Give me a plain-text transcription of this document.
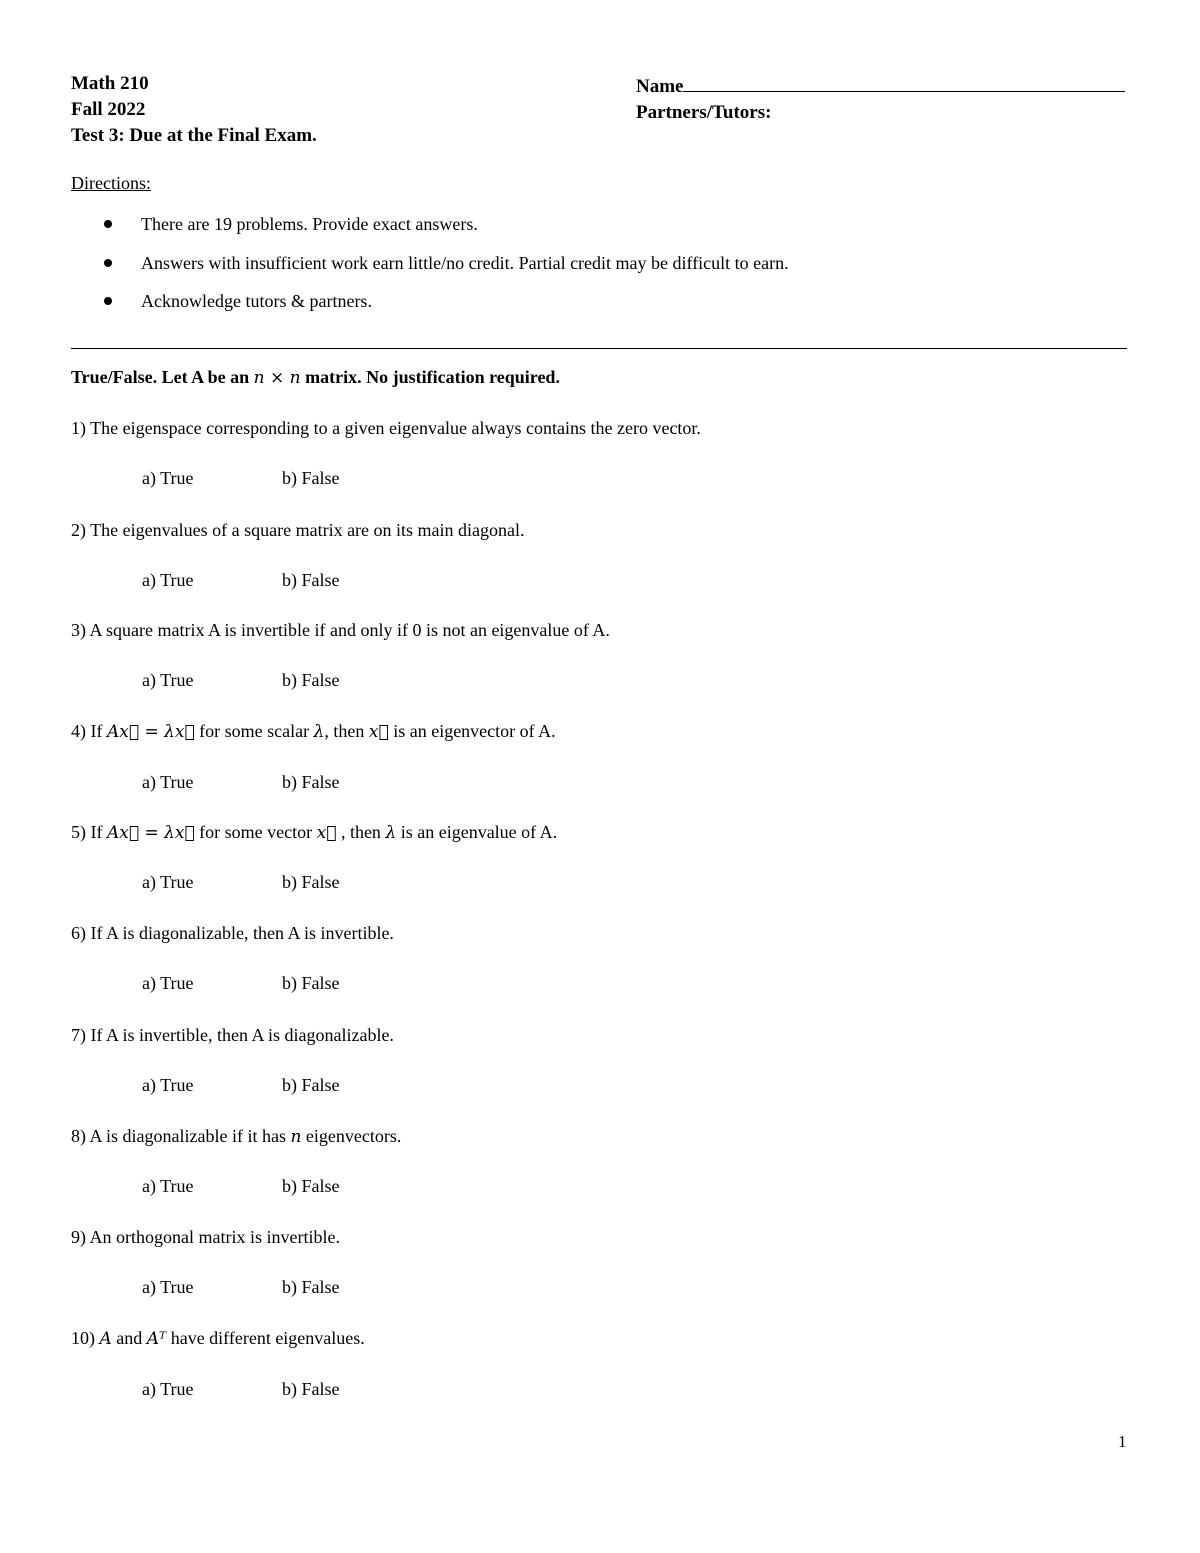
Math 210
Fall 2022
Test 3: Due at the Final Exam.
Name
Partners/Tutors:
Directions:
There are 19 problems. Provide exact answers.
Answers with insufficient work earn little/no credit. Partial credit may be difficult to earn.
Acknowledge tutors & partners.
True/False. Let A be an n × n matrix. No justification required.
1) The eigenspace corresponding to a given eigenvalue always contains the zero vector.
a) True	b) False
2) The eigenvalues of a square matrix are on its main diagonal.
a) True	b) False
3) A square matrix A is invertible if and only if 0 is not an eigenvalue of A.
a) True	b) False
4) If Ax⃗ = λx⃗ for some scalar λ, then x⃗ is an eigenvector of A.
a) True	b) False
5) If Ax⃗ = λx⃗ for some vector x⃗ , then λ is an eigenvalue of A.
a) True	b) False
6) If A is diagonalizable, then A is invertible.
a) True	b) False
7) If A is invertible, then A is diagonalizable.
a) True	b) False
8) A is diagonalizable if it has n eigenvectors.
a) True	b) False
9) An orthogonal matrix is invertible.
a) True	b) False
10) A and Aᵀ have different eigenvalues.
a) True	b) False
1
